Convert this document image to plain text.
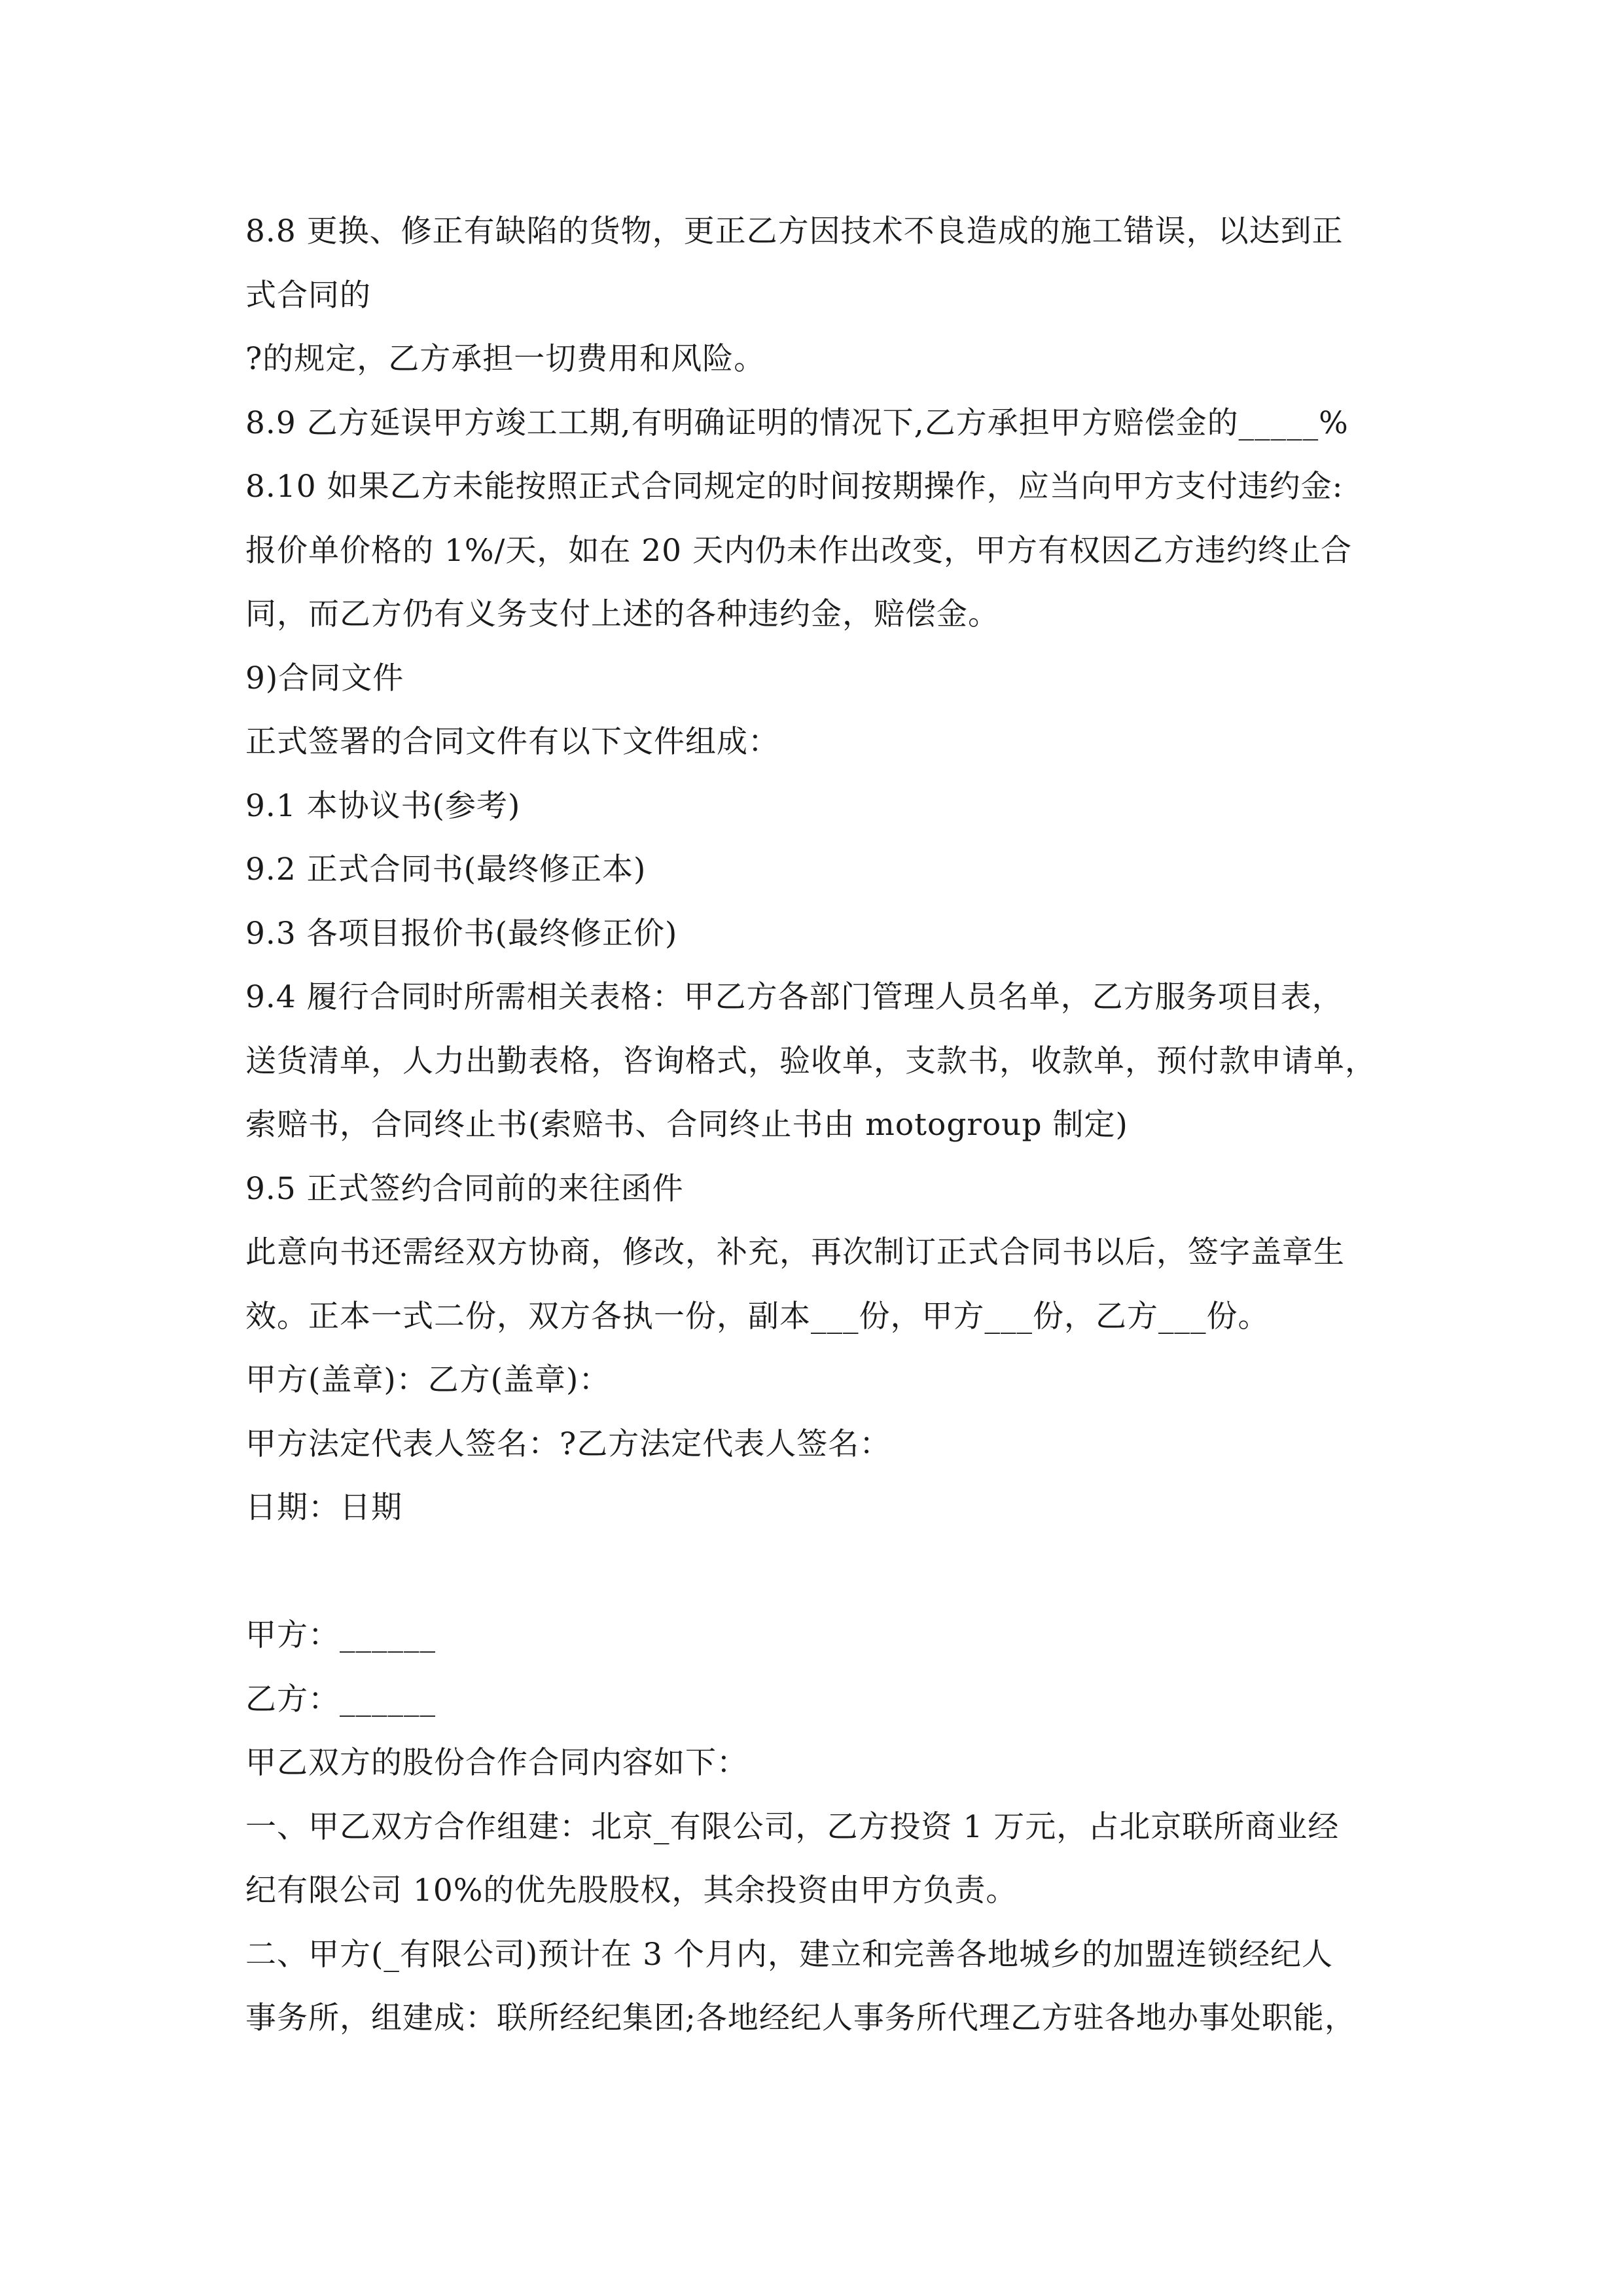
8.8 更换、修正有缺陷的货物，更正乙方因技术不良造成的施工错误，以达到正
式合同的
?的规定，乙方承担一切费用和风险。
8.9 乙方延误甲方竣工工期,有明确证明的情况下,乙方承担甲方赔偿金的_____%
8.10 如果乙方未能按照正式合同规定的时间按期操作，应当向甲方支付违约金:
报价单价格的 1%/天，如在 20 天内仍未作出改变，甲方有权因乙方违约终止合
同，而乙方仍有义务支付上述的各种违约金，赔偿金。
9)合同文件
正式签署的合同文件有以下文件组成：
9.1 本协议书(参考)
9.2 正式合同书(最终修正本)
9.3 各项目报价书(最终修正价)
9.4 履行合同时所需相关表格：甲乙方各部门管理人员名单，乙方服务项目表，
送货清单，人力出勤表格，咨询格式，验收单，支款书，收款单，预付款申请单，
索赔书，合同终止书(索赔书、合同终止书由 motogroup 制定)
9.5 正式签约合同前的来往函件
此意向书还需经双方协商，修改，补充，再次制订正式合同书以后，签字盖章生
效。正本一式二份，双方各执一份，副本___份，甲方___份，乙方___份。
甲方(盖章)：乙方(盖章)：
甲方法定代表人签名：?乙方法定代表人签名：
日期：日期
甲方：______
乙方：______
甲乙双方的股份合作合同内容如下：
一、甲乙双方合作组建：北京_有限公司，乙方投资 1 万元，占北京联所商业经
纪有限公司 10%的优先股股权，其余投资由甲方负责。
二、甲方(_有限公司)预计在 3 个月内，建立和完善各地城乡的加盟连锁经纪人
事务所，组建成：联所经纪集团;各地经纪人事务所代理乙方驻各地办事处职能，
